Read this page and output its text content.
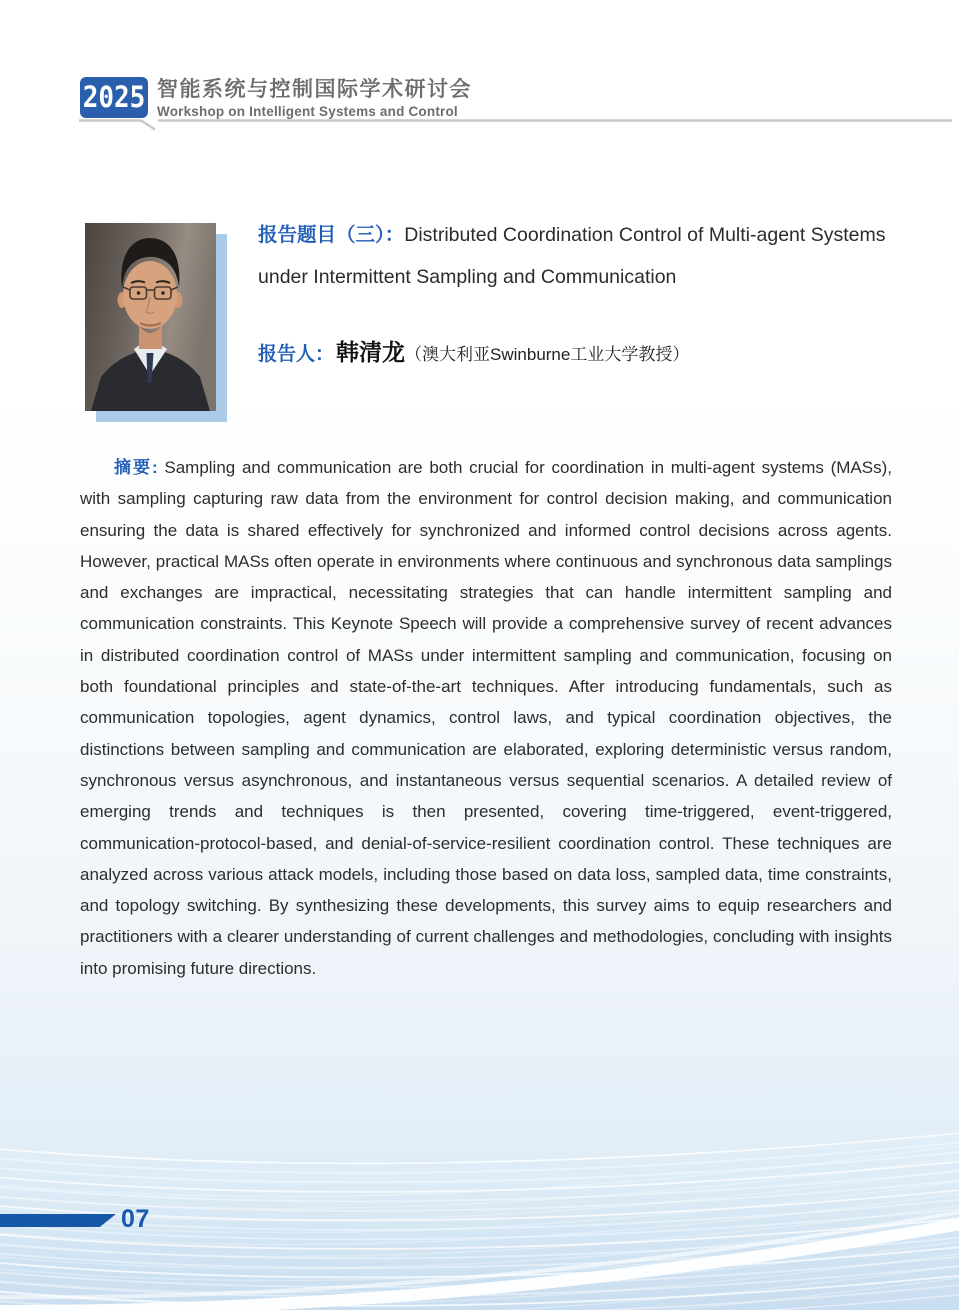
2025 智能系统与控制国际学术研讨会
Workshop on Intelligent Systems and Control

报告题目（三）：Distributed Coordination Control of Multi-agent Systems under Intermittent Sampling and Communication

报告人：韩清龙（澳大利亚Swinburne工业大学教授）

摘要: Sampling and communication are both crucial for coordination in multi-agent systems (MASs), with sampling capturing raw data from the environment for control decision making, and communication ensuring the data is shared effectively for synchronized and informed control decisions across agents. However, practical MASs often operate in environments where continuous and synchronous data samplings and exchanges are impractical, necessitating strategies that can handle intermittent sampling and communication constraints. This Keynote Speech will provide a comprehensive survey of recent advances in distributed coordination control of MASs under intermittent sampling and communication, focusing on both foundational principles and state-of-the-art techniques. After introducing fundamentals, such as communication topologies, agent dynamics, control laws, and typical coordination objectives, the distinctions between sampling and communication are elaborated, exploring deterministic versus random, synchronous versus asynchronous, and instantaneous versus sequential scenarios. A detailed review of emerging trends and techniques is then presented, covering time-triggered, event-triggered, communication-protocol-based, and denial-of-service-resilient coordination control. These techniques are analyzed across various attack models, including those based on data loss, sampled data, time constraints, and topology switching. By synthesizing these developments, this survey aims to equip researchers and practitioners with a clearer understanding of current challenges and methodologies, concluding with insights into promising future directions.

07
